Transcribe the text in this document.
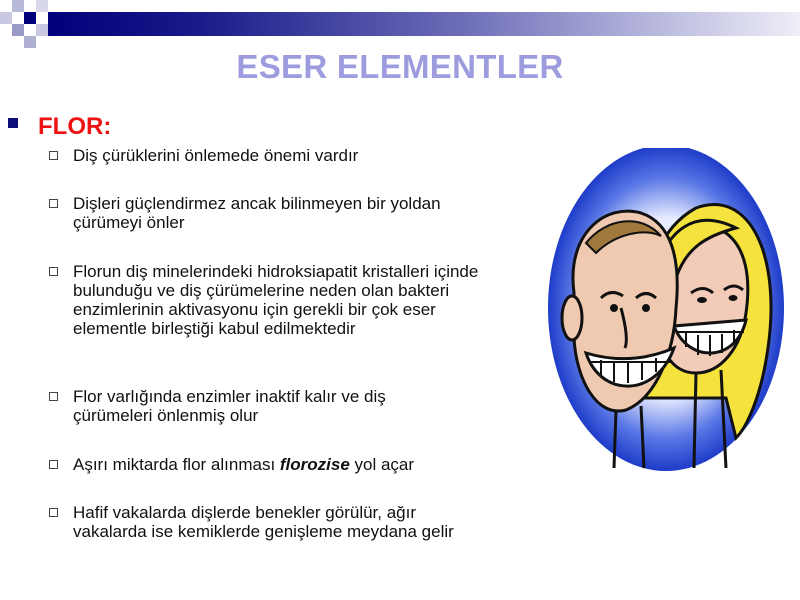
ESER ELEMENTLER
FLOR:
Diş çürüklerini önlemede önemi vardır
Dişleri güçlendirmez ancak bilinmeyen bir yoldan çürümeyi önler
Florun diş minelerindeki hidroksiapatit kristalleri içinde bulunduğu ve diş çürümelerine neden olan bakteri enzimlerinin aktivasyonu için gerekli bir çok eser elementle birleştiği kabul edilmektedir
Flor varlığında enzimler inaktif kalır ve diş çürümeleri önlenmiş olur
Aşırı miktarda flor alınması florozise yol açar
Hafif vakalarda dişlerde benekler görülür, ağır vakalarda ise kemiklerde genişleme meydana gelir
